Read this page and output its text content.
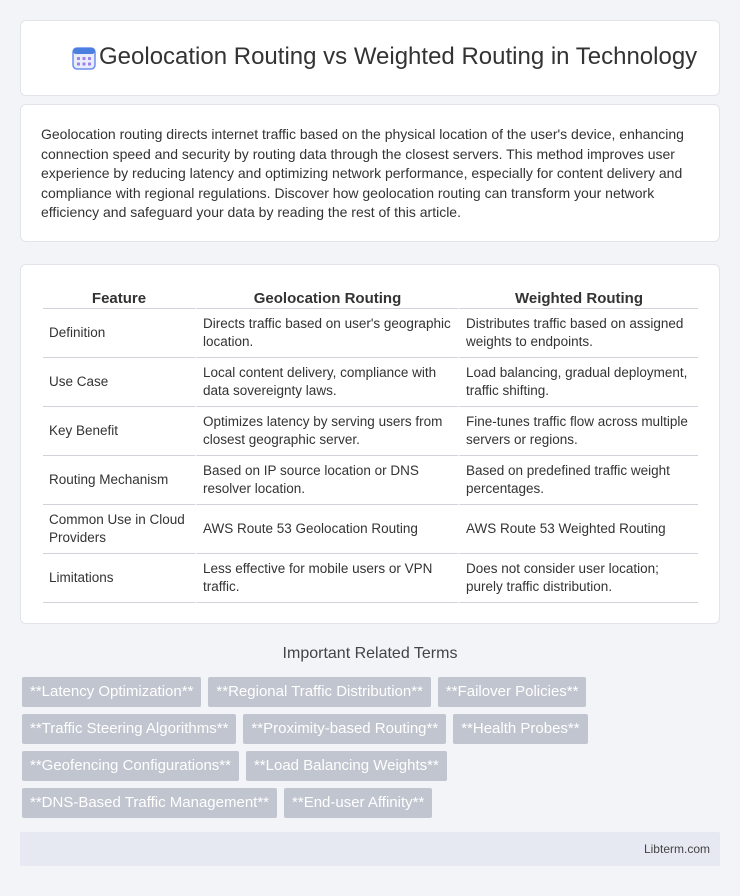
Geolocation Routing vs Weighted Routing in Technology

Geolocation routing directs internet traffic based on the physical location of the user's device, enhancing connection speed and security by routing data through the closest servers. This method improves user experience by reducing latency and optimizing network performance, especially for content delivery and compliance with regional regulations. Discover how geolocation routing can transform your network efficiency and safeguard your data by reading the rest of this article.

Feature	Geolocation Routing	Weighted Routing
Definition	Directs traffic based on user's geographic location.	Distributes traffic based on assigned weights to endpoints.
Use Case	Local content delivery, compliance with data sovereignty laws.	Load balancing, gradual deployment, traffic shifting.
Key Benefit	Optimizes latency by serving users from closest geographic server.	Fine-tunes traffic flow across multiple servers or regions.
Routing Mechanism	Based on IP source location or DNS resolver location.	Based on predefined traffic weight percentages.
Common Use in Cloud Providers	AWS Route 53 Geolocation Routing	AWS Route 53 Weighted Routing
Limitations	Less effective for mobile users or VPN traffic.	Does not consider user location; purely traffic distribution.
Important Related Terms
**Latency Optimization**	**Regional Traffic Distribution**	**Failover Policies**
**Traffic Steering Algorithms**	**Proximity-based Routing**	**Health Probes**
**Geofencing Configurations**	**Load Balancing Weights**
**DNS-Based Traffic Management**	**End-user Affinity**
Libterm.com
